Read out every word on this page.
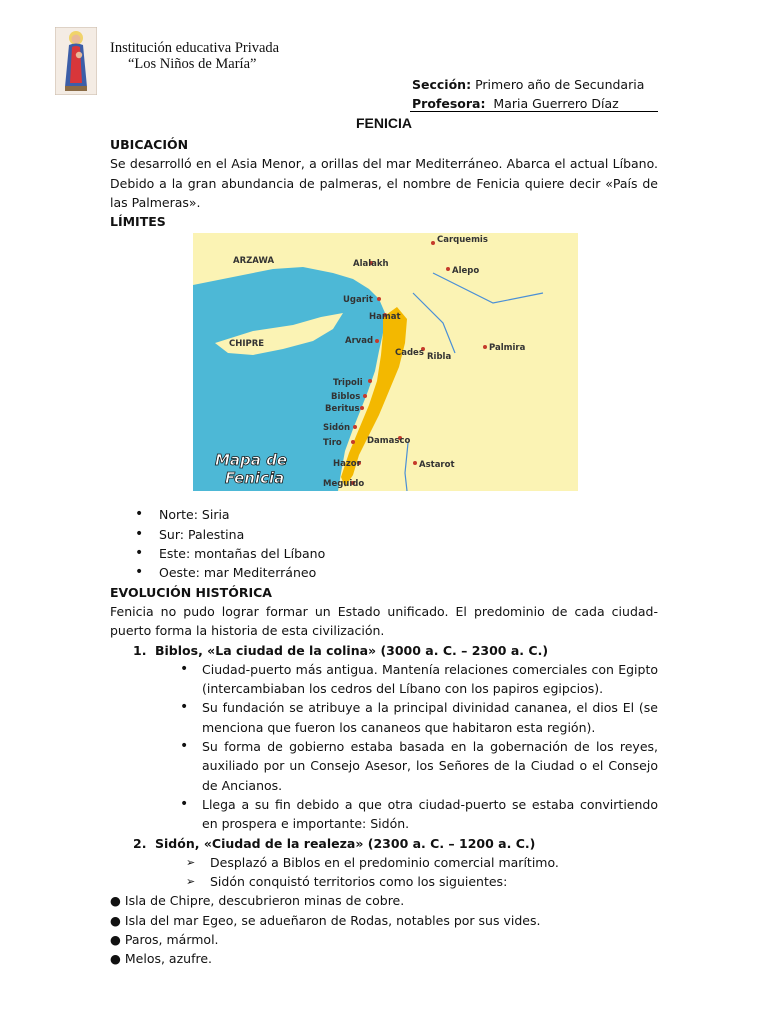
Institución educativa Privada
“Los Niños de María”
Sección: Primero año de Secundaria
Profesora: Maria Guerrero Díaz
FENICIA
UBICACIÓN
Se desarrolló en el Asia Menor, a orillas del mar Mediterráneo. Abarca el actual Líbano. Debido a la gran abundancia de palmeras, el nombre de Fenicia quiere decir «País de las Palmeras».
LÍMITES
Carquemis
ARZAWA	Alalakh
Alepo
Ugarit
Hamat
CHIPRE	Arvad
Cades Ribla
Palmira
Tripoli
Biblos
Beritus
Sidón
Tiro	Damasco
Hazor	Astarot
Meguido
Mapa de
Fenicia
• Norte: Siria
• Sur: Palestina
• Este: montañas del Líbano
• Oeste: mar Mediterráneo
EVOLUCIÓN HISTÓRICA
Fenicia no pudo lograr formar un Estado unificado. El predominio de cada ciudad-puerto forma la historia de esta civilización.
1. Biblos, «La ciudad de la colina» (3000 a. C. – 2300 a. C.)
• Ciudad-puerto más antigua. Mantenía relaciones comerciales con Egipto (intercambiaban los cedros del Líbano con los papiros egipcios).
• Su fundación se atribuye a la principal divinidad cananea, el dios El (se menciona que fueron los cananeos que habitaron esta región).
• Su forma de gobierno estaba basada en la gobernación de los reyes, auxiliado por un Consejo Asesor, los Señores de la Ciudad o el Consejo de Ancianos.
• Llega a su fin debido a que otra ciudad-puerto se estaba convirtiendo en prospera e importante: Sidón.
2. Sidón, «Ciudad de la realeza» (2300 a. C. – 1200 a. C.)
➢ Desplazó a Biblos en el predominio comercial marítimo.
➢ Sidón conquistó territorios como los siguientes:
● Isla de Chipre, descubrieron minas de cobre.
● Isla del mar Egeo, se adueñaron de Rodas, notables por sus vides.
● Paros, mármol.
● Melos, azufre.
